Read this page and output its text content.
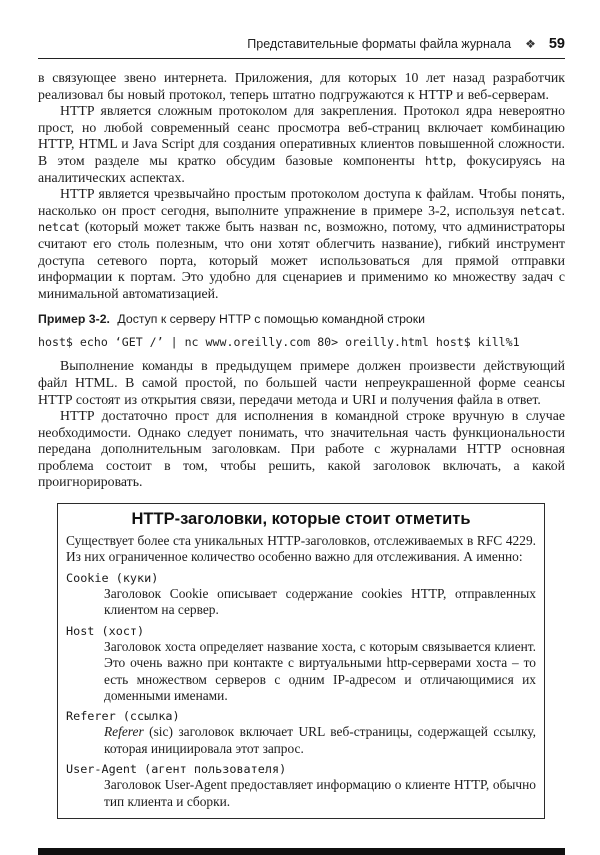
Представительные форматы файла журнала ❖ 59

в связующее звено интернета. Приложения, для которых 10 лет назад разработчик реализовал бы новый протокол, теперь штатно подгружаются к HTTP и веб-серверам.

HTTP является сложным протоколом для закрепления. Протокол ядра невероятно прост, но любой современный сеанс просмотра веб-страниц включает комбинацию HTTP, HTML и Java Script для создания оперативных клиентов повышенной сложности. В этом разделе мы кратко обсудим базовые компоненты http, фокусируясь на аналитических аспектах.

HTTP является чрезвычайно простым протоколом доступа к файлам. Чтобы понять, насколько он прост сегодня, выполните упражнение в примере 3-2, используя netcat. netcat (который может также быть назван nc, возможно, потому, что администраторы считают его столь полезным, что они хотят облегчить название), гибкий инструмент доступа сетевого порта, который может использоваться для прямой отправки информации к портам. Это удобно для сценариев и применимо ко множеству задач с минимальной автоматизацией.

Пример 3-2. Доступ к серверу HTTP с помощью командной строки

host$ echo ‘GET /’ | nc www.oreilly.com 80> oreilly.html host$ kill%1

Выполнение команды в предыдущем примере должен произвести действующий файл HTML. В самой простой, по большей части непреукрашенной форме сеансы HTTP состоят из открытия связи, передачи метода и URI и получения файла в ответ.

HTTP достаточно прост для исполнения в командной строке вручную в случае необходимости. Однако следует понимать, что значительная часть функциональности передана дополнительным заголовкам. При работе с журналами HTTP основная проблема состоит в том, чтобы решить, какой заголовок включать, а какой проигнорировать.

HTTP-заголовки, которые стоит отметить

Существует более ста уникальных HTTP-заголовков, отслеживаемых в RFC 4229. Из них ограниченное количество особенно важно для отслеживания. А именно:

Cookie (куки)

Заголовок Cookie описывает содержание cookies HTTP, отправленных клиентом на сервер.

Host (хост)

Заголовок хоста определяет название хоста, с которым связывается клиент. Это очень важно при контакте с виртуальными http-серверами хоста – то есть множеством серверов с одним IP-адресом и отличающимися их доменными именами.

Referer (ссылка)

Referer (sic) заголовок включает URL веб-страницы, содержащей ссылку, которая инициировала этот запрос.

User-Agent (агент пользователя)

Заголовок User-Agent предоставляет информацию о клиенте HTTP, обычно тип клиента и сборки.
